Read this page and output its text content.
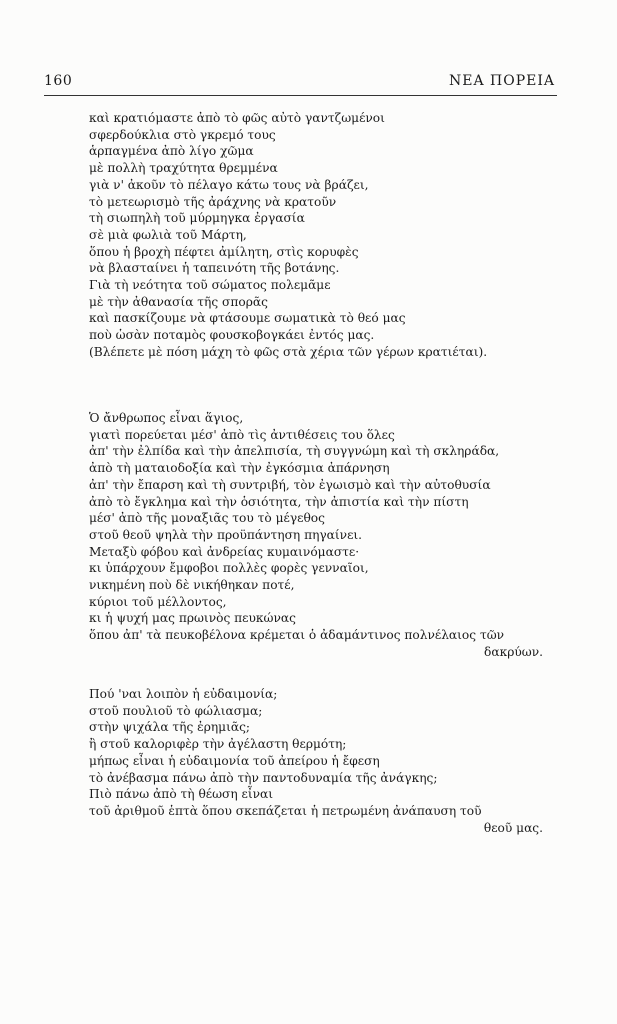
160	ΝΕΑ ΠΟΡΕΙΑ
καὶ κρατιόμαστε ἀπὸ τὸ φῶς αὐτὸ γαντζωμένοι
σφερδούκλια στὸ γκρεμό τους
ἁρπαγμένα ἀπὸ λίγο χῶμα
μὲ πολλὴ τραχύτητα θρεμμένα
γιὰ ν' ἀκοῦν τὸ πέλαγο κάτω τους νὰ βράζει,
τὸ μετεωρισμὸ τῆς ἀράχνης νὰ κρατοῦν
τὴ σιωπηλὴ τοῦ μύρμηγκα ἐργασία
σὲ μιὰ φωλιὰ τοῦ Μάρτη,
ὅπου ἡ βροχὴ πέφτει ἀμίλητη, στὶς κορυφὲς
νὰ βλασταίνει ἡ ταπεινότη τῆς βοτάνης.
Γιὰ τὴ νεότητα τοῦ σώματος πολεμᾶμε
μὲ τὴν ἀθανασία τῆς σπορᾶς
καὶ πασκίζουμε νὰ φτάσουμε σωματικὰ τὸ θεό μας
ποὺ ὡσὰν ποταμὸς φουσκοβογκάει ἐντός μας.
(Βλέπετε μὲ πόση μάχη τὸ φῶς στὰ χέρια τῶν γέρων κρατιέται).
Ὁ ἄνθρωπος εἶναι ἅγιος,
γιατὶ πορεύεται μέσ' ἀπὸ τὶς ἀντιθέσεις του ὅλες
ἀπ' τὴν ἐλπίδα καὶ τὴν ἀπελπισία, τὴ συγγνώμη καὶ τὴ σκληράδα,
ἀπὸ τὴ ματαιοδοξία καὶ τὴν ἐγκόσμια ἀπάρνηση
ἀπ' τὴν ἔπαρση καὶ τὴ συντριβή, τὸν ἐγωισμὸ καὶ τὴν αὐτοθυσία
ἀπὸ τὸ ἔγκλημα καὶ τὴν ὁσιότητα, τὴν ἀπιστία καὶ τὴν πίστη
μέσ' ἀπὸ τῆς μοναξιᾶς του τὸ μέγεθος
στοῦ θεοῦ ψηλὰ τὴν προϋπάντηση πηγαίνει.
Μεταξὺ φόβου καὶ ἀνδρείας κυμαινόμαστε·
κι ὑπάρχουν ἔμφοβοι πολλὲς φορὲς γενναῖοι,
νικημένη ποὺ δὲ νικήθηκαν ποτέ,
κύριοι τοῦ μέλλοντος,
κι ἡ ψυχή μας πρωινὸς πευκώνας
ὅπου ἀπ' τὰ πευκοβέλονα κρέμεται ὁ ἀδαμάντινος πολνέλαιος τῶν
δακρύων.
Πού 'ναι λοιπὸν ἡ εὐδαιμονία;
στοῦ πουλιοῦ τὸ φώλιασμα;
στὴν ψιχάλα τῆς ἐρημιᾶς;
ἢ στοῦ καλοριφὲρ τὴν ἀγέλαστη θερμότη;
μήπως εἶναι ἡ εὐδαιμονία τοῦ ἀπείρου ἡ ἔφεση
τὸ ἀνέβασμα πάνω ἀπὸ τὴν παντοδυναμία τῆς ἀνάγκης;
Πιὸ πάνω ἀπὸ τὴ θέωση εἶναι
τοῦ ἀριθμοῦ ἑπτὰ ὅπου σκεπάζεται ἡ πετρωμένη ἀνάπαυση τοῦ
θεοῦ μας.
